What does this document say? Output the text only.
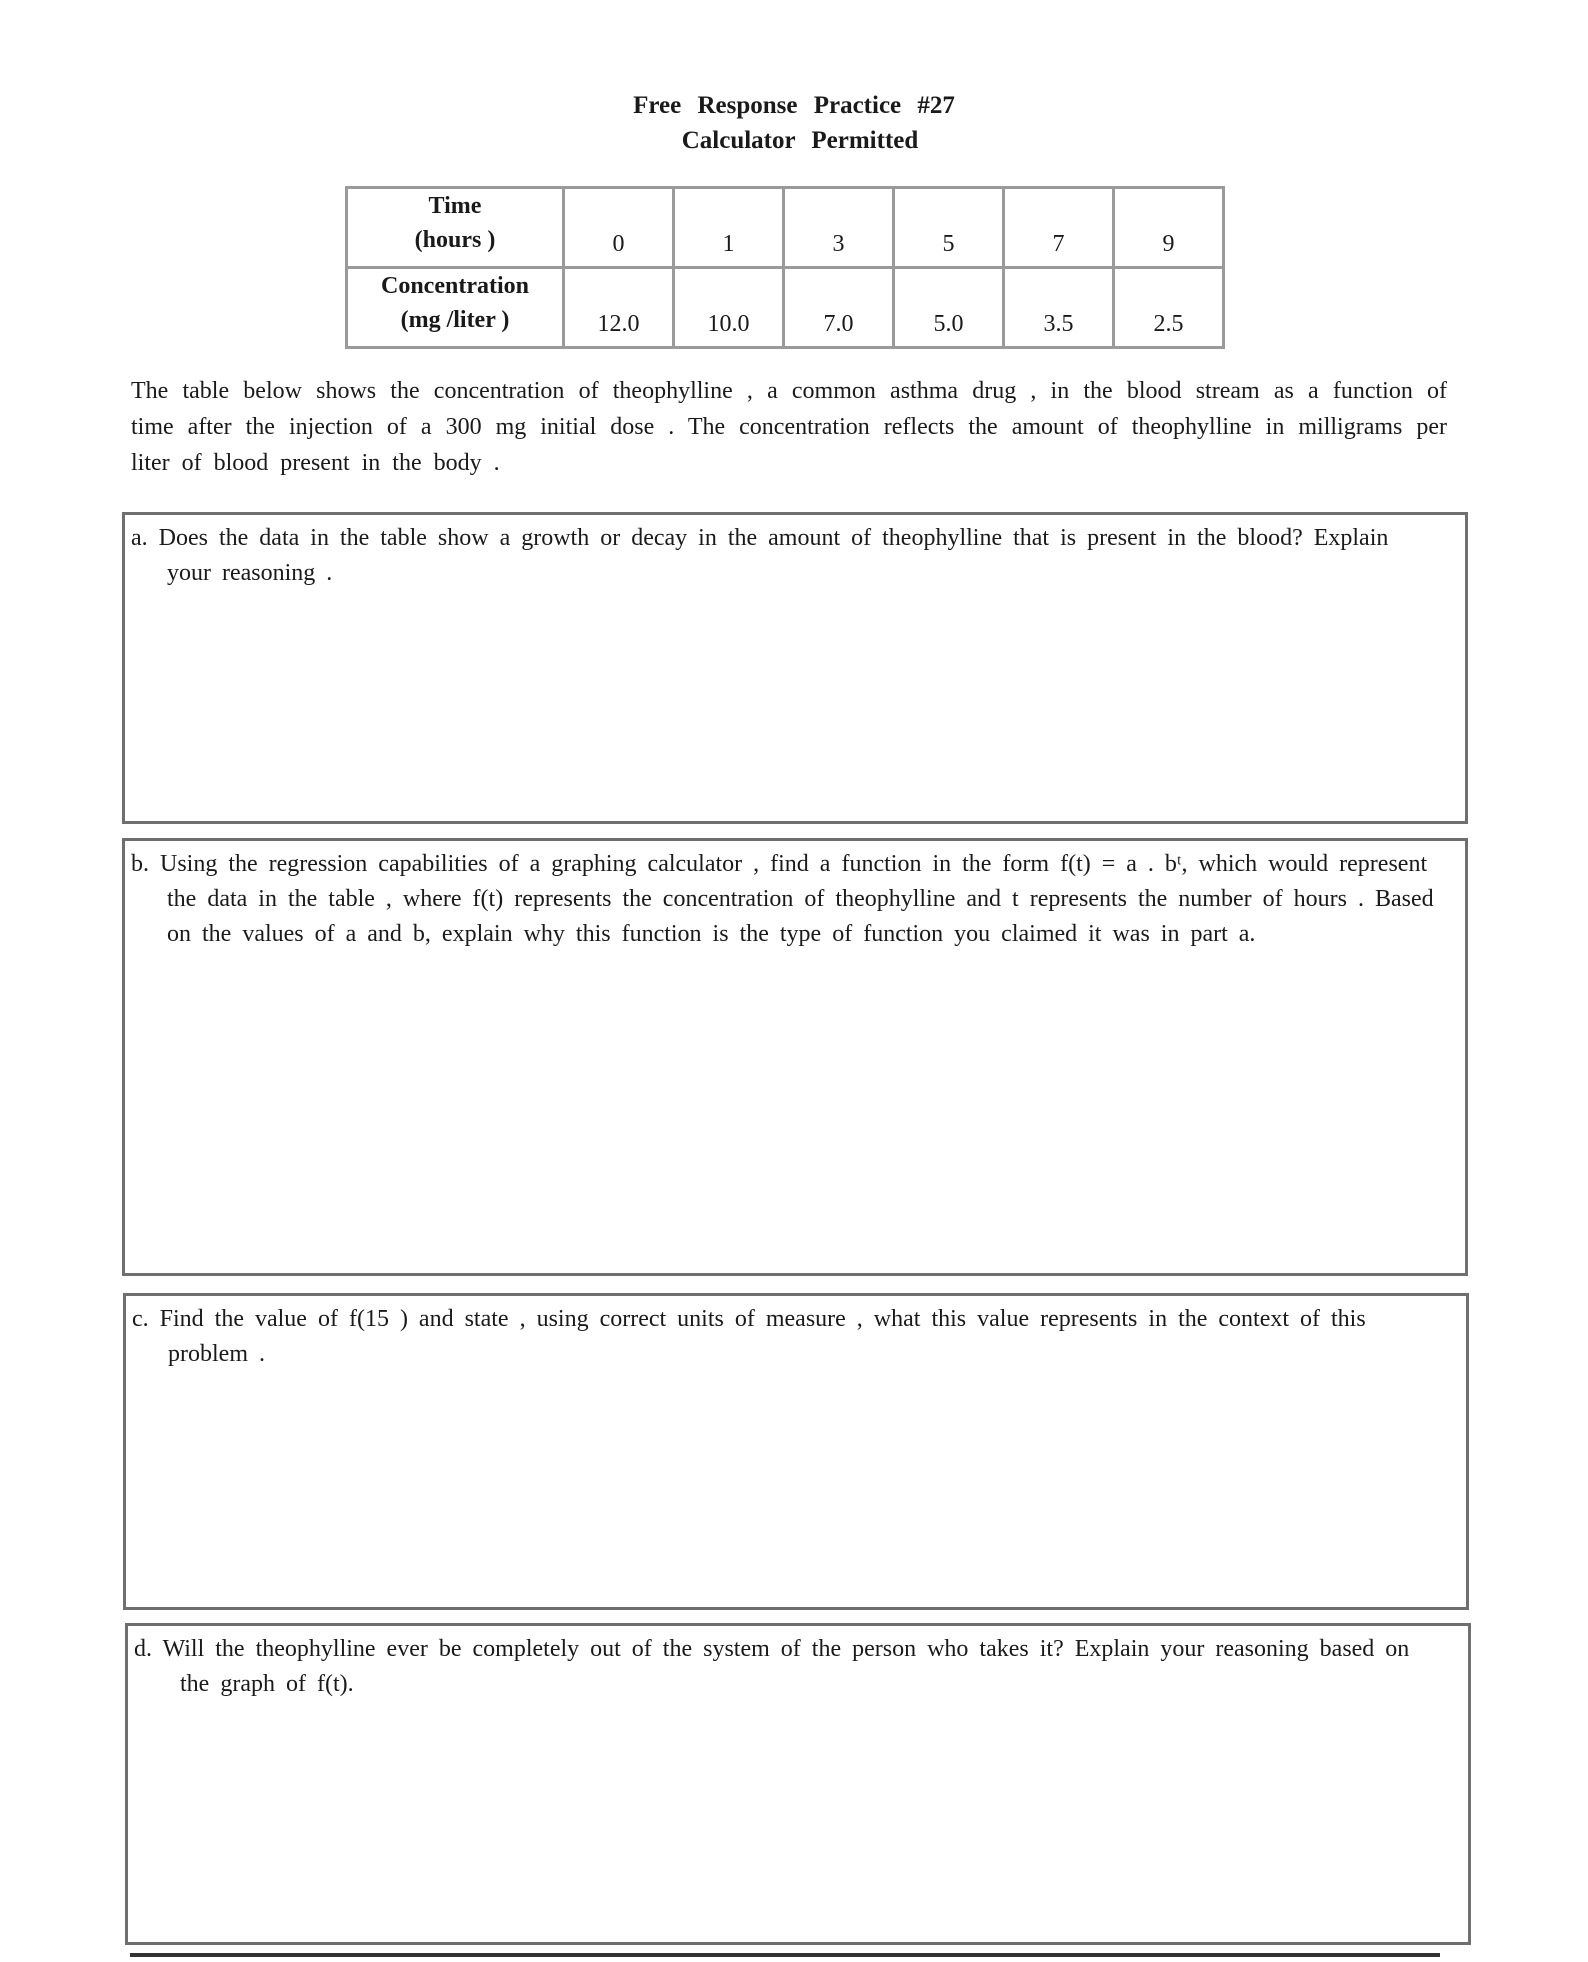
Free Response Practice #27
Calculator Permitted
Time
(hours )	0	1	3	5	7	9

Concentration
(mg /liter )	12.0	10.0	7.0	5.0	3.5	2.5
The table below shows the concentration of theophylline , a common asthma drug , in the blood stream as a function of time after the injection of a 300 mg initial dose . The concentration reflects the amount of theophylline in milligrams per liter of blood present in the body .
a. Does the data in the table show a growth or decay in the amount of theophylline that is present in the blood? Explain your reasoning .
b. Using the regression capabilities of a graphing calculator , find a function in the form f(t) = a . bᵗ, which would represent the data in the table , where f(t) represents the concentration of theophylline and t represents the number of hours . Based on the values of a and b, explain why this function is the type of function you claimed it was in part a.
c. Find the value of f(15 ) and state , using correct units of measure , what this value represents in the context of this problem .
d. Will the theophylline ever be completely out of the system of the person who takes it? Explain your reasoning based on the graph of f(t).
